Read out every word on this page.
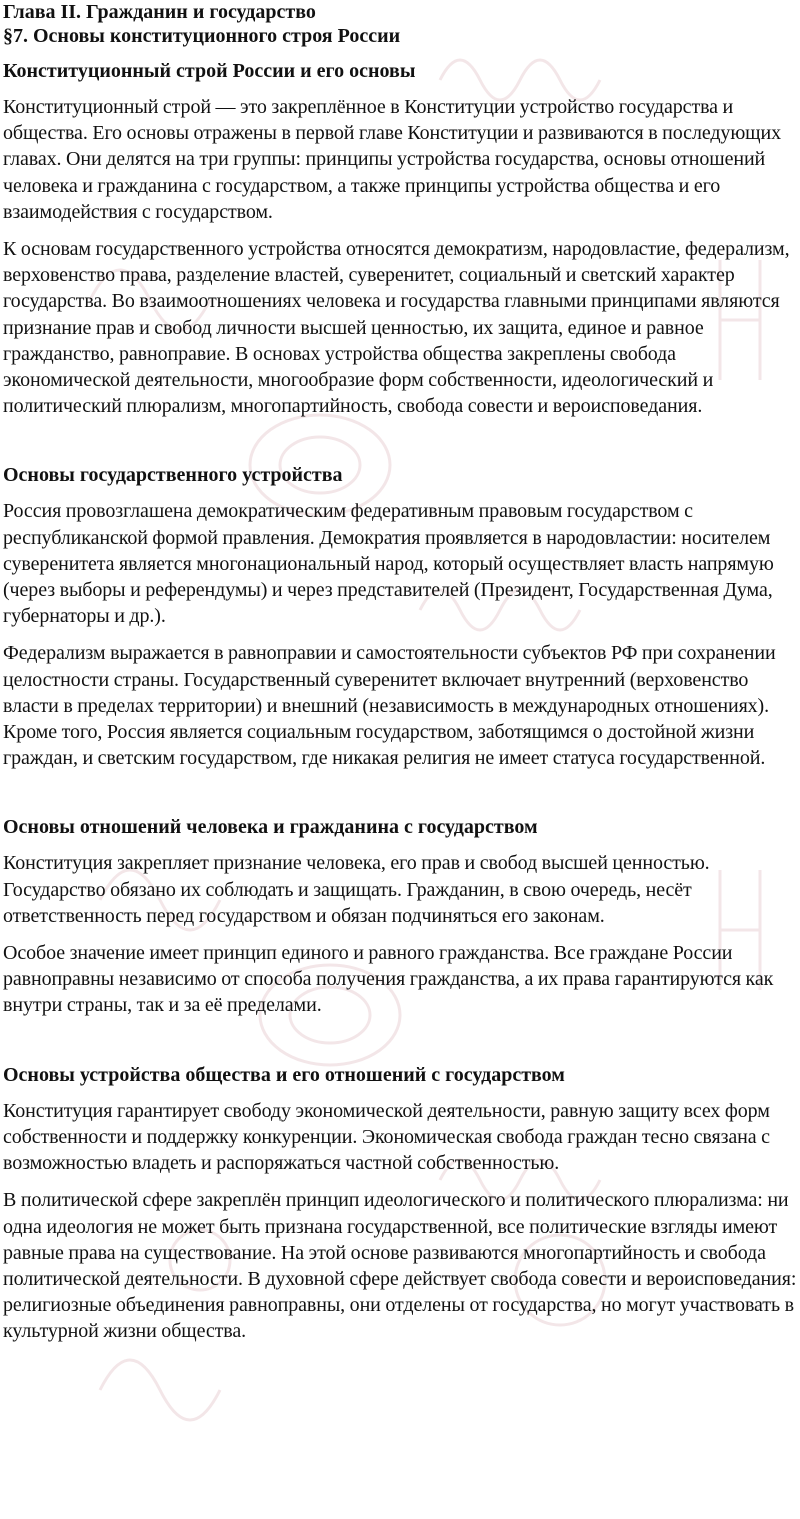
Глава II. Гражданин и государство
§7. Основы конституционного строя России
Конституционный строй России и его основы

Конституционный строй — это закреплённое в Конституции устройство государства и общества. Его основы отражены в первой главе Конституции и развиваются в последующих главах. Они делятся на три группы: принципы устройства государства, основы отношений человека и гражданина с государством, а также принципы устройства общества и его взаимодействия с государством.

К основам государственного устройства относятся демократизм, народовластие, федерализм, верховенство права, разделение властей, суверенитет, социальный и светский характер государства. Во взаимоотношениях человека и государства главными принципами являются признание прав и свобод личности высшей ценностью, их защита, единое и равное гражданство, равноправие. В основах устройства общества закреплены свобода экономической деятельности, многообразие форм собственности, идеологический и политический плюрализм, многопартийность, свобода совести и вероисповедания.

Основы государственного устройства

Россия провозглашена демократическим федеративным правовым государством с республиканской формой правления. Демократия проявляется в народовластии: носителем суверенитета является многонациональный народ, который осуществляет власть напрямую (через выборы и референдумы) и через представителей (Президент, Государственная Дума, губернаторы и др.).

Федерализм выражается в равноправии и самостоятельности субъектов РФ при сохранении целостности страны. Государственный суверенитет включает внутренний (верховенство власти в пределах территории) и внешний (независимость в международных отношениях). Кроме того, Россия является социальным государством, заботящимся о достойной жизни граждан, и светским государством, где никакая религия не имеет статуса государственной.

Основы отношений человека и гражданина с государством

Конституция закрепляет признание человека, его прав и свобод высшей ценностью. Государство обязано их соблюдать и защищать. Гражданин, в свою очередь, несёт ответственность перед государством и обязан подчиняться его законам.

Особое значение имеет принцип единого и равного гражданства. Все граждане России равноправны независимо от способа получения гражданства, а их права гарантируются как внутри страны, так и за её пределами.

Основы устройства общества и его отношений с государством

Конституция гарантирует свободу экономической деятельности, равную защиту всех форм собственности и поддержку конкуренции. Экономическая свобода граждан тесно связана с возможностью владеть и распоряжаться частной собственностью.

В политической сфере закреплён принцип идеологического и политического плюрализма: ни одна идеология не может быть признана государственной, все политические взгляды имеют равные права на существование. На этой основе развиваются многопартийность и свобода политической деятельности. В духовной сфере действует свобода совести и вероисповедания: религиозные объединения равноправны, они отделены от государства, но могут участвовать в культурной жизни общества.
